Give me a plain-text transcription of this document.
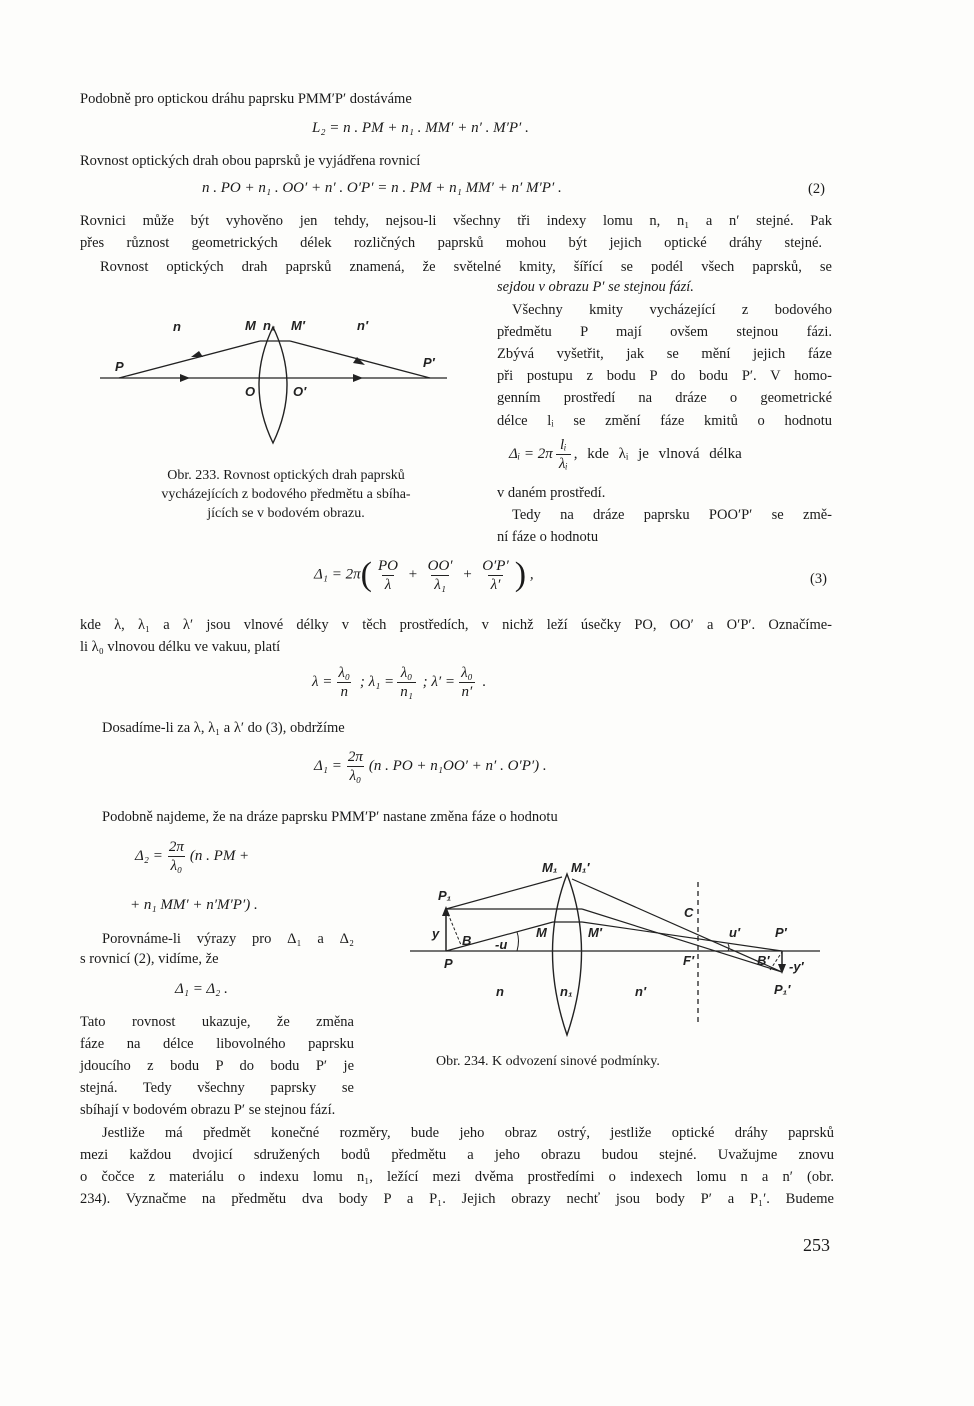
Podobně pro optickou dráhu paprsku PMM′P′ dostáváme
L₂ = n . PM + n₁ . MM′ + n′ . M′P′ .
Rovnost optických drah obou paprsků je vyjádřena rovnicí
n . PO + n₁ . OO′ + n′ . O′P′ = n . PM + n₁ MM′ + n′ M′P′ .	(2)
Rovnici může být vyhověno jen tehdy, nejsou-li všechny tři indexy lomu n, n₁ a n′ stejné. Pak
přes různost geometrických délek rozličných paprsků mohou být jejich optické dráhy stejné.
Rovnost optických drah paprsků znamená, že světelné kmity, šířící se podél všech paprsků, se
sejdou v obrazu P′ se stejnou fází.
Všechny kmity vycházející z bodového
předmětu P mají ovšem stejnou fázi.
Zbývá vyšetřit, jak se mění jejich fáze
při postupu z bodu P do bodu P′. V homo-
genním prostředí na dráze o geometrické
délce lᵢ se změní fáze kmitů o hodnotu
Δᵢ = $2\pi \frac{\text{lᵢ}}{\text{λᵢ}}$ , kde λᵢ je vlnová délka
v daném prostředí.
Tedy na dráze paprsku POO′P′ se změ-
ní fáze o hodnotu
P
n	M n₁ M′	n′
P′
O	O′
Obr. 233. Rovnost optických drah paprsků
vycházejících z bodového předmětu a sbíha-
jících se v bodovém obrazu.
$\Delta_1 = 2\pi( \frac{PO}{\lambda} + \frac{OO'}{\text{λ₁}} + \frac{O'P'}{\lambda'}$ ) ,	(3)
kde λ, λ₁ a λ′ jsou vlnové délky v těch prostředích, v nichž leží úsečky PO, OO′ a O′P′. Označíme-
li λ₀ vlnovou délku ve vakuu, platí
$\lambda = \frac{\text{λ₀}}{n}$ ; $\lambda_1 = \frac{\text{λ₀}}{\text{n₁}}$ ; $\lambda' = \frac{\text{λ₀}}{n'}$ .
Dosadíme-li za λ, λ₁ a λ′ do (3), obdržíme
$\Delta_1 = \frac{2\pi}{\text{λ₀}} (n$ . PO + n₁OO′ + n′ . O′P′) .
Podobně najdeme, že na dráze paprsku PMM′P′ nastane změna fáze o hodnotu
$\Delta_2 = \frac{2\pi}{\text{λ₀}} (n$ . PM +
+ n₁ MM′ + n′M′P′) .
Porovnáme-li výrazy pro Δ₁ a Δ₂
s rovnicí (2), vidíme, že
Δ₁ = Δ₂ .
Tato rovnost ukazuje, že změna
fáze na délce libovolného paprsku
jdoucího z bodu P do bodu P′ je
stejná. Tedy všechny paprsky se
sbíhají v bodovém obrazu P′ se stejnou fází.
P₁
M₁ M₁′
C
y B -u
M	M′	u′	P′
P	F′	B′ -y′
n	n₁	n′	P₁′
Obr. 234. K odvození sinové podmínky.
Jestliže má předmět konečné rozměry, bude jeho obraz ostrý, jestliže optické dráhy paprsků
mezi každou dvojicí sdružených bodů předmětu a jeho obrazu budou stejné. Uvažujme znovu
o čočce z materiálu o indexu lomu n₁, ležící mezi dvěma prostředími o indexech lomu n a n′ (obr.
234). Vyznačme na předmětu dva body P a P₁. Jejich obrazy nechť jsou body P′ a P₁′. Budeme
253
